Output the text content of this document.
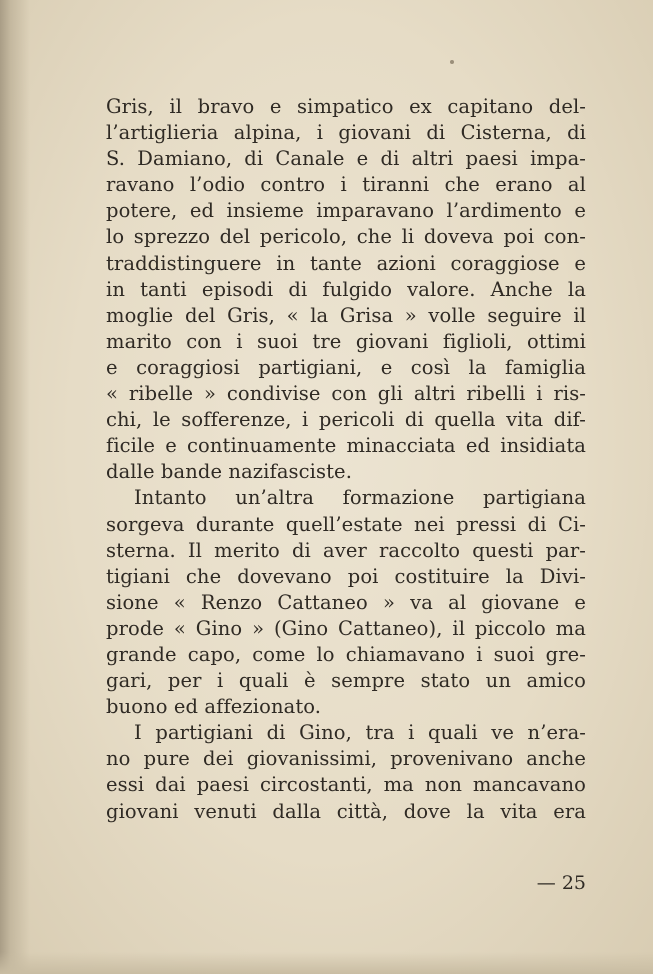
Gris, il bravo e simpatico ex capitano del-
l’artiglieria alpina, i giovani di Cisterna, di
S. Damiano, di Canale e di altri paesi impa-
ravano l’odio contro i tiranni che erano al
potere, ed insieme imparavano l’ardimento e
lo sprezzo del pericolo, che li doveva poi con-
traddistinguere in tante azioni coraggiose e
in tanti episodi di fulgido valore. Anche la
moglie del Gris, « la Grisa » volle seguire il
marito con i suoi tre giovani figlioli, ottimi
e coraggiosi partigiani, e così la famiglia
« ribelle » condivise con gli altri ribelli i ris-
chi, le sofferenze, i pericoli di quella vita dif-
ficile e continuamente minacciata ed insidiata
dalle bande nazifasciste.
Intanto un’altra formazione partigiana
sorgeva durante quell’estate nei pressi di Ci-
sterna. Il merito di aver raccolto questi par-
tigiani che dovevano poi costituire la Divi-
sione « Renzo Cattaneo » va al giovane e
prode « Gino » (Gino Cattaneo), il piccolo ma
grande capo, come lo chiamavano i suoi gre-
gari, per i quali è sempre stato un amico
buono ed affezionato.
I partigiani di Gino, tra i quali ve n’era-
no pure dei giovanissimi, provenivano anche
essi dai paesi circostanti, ma non mancavano
giovani venuti dalla città, dove la vita era
— 25
